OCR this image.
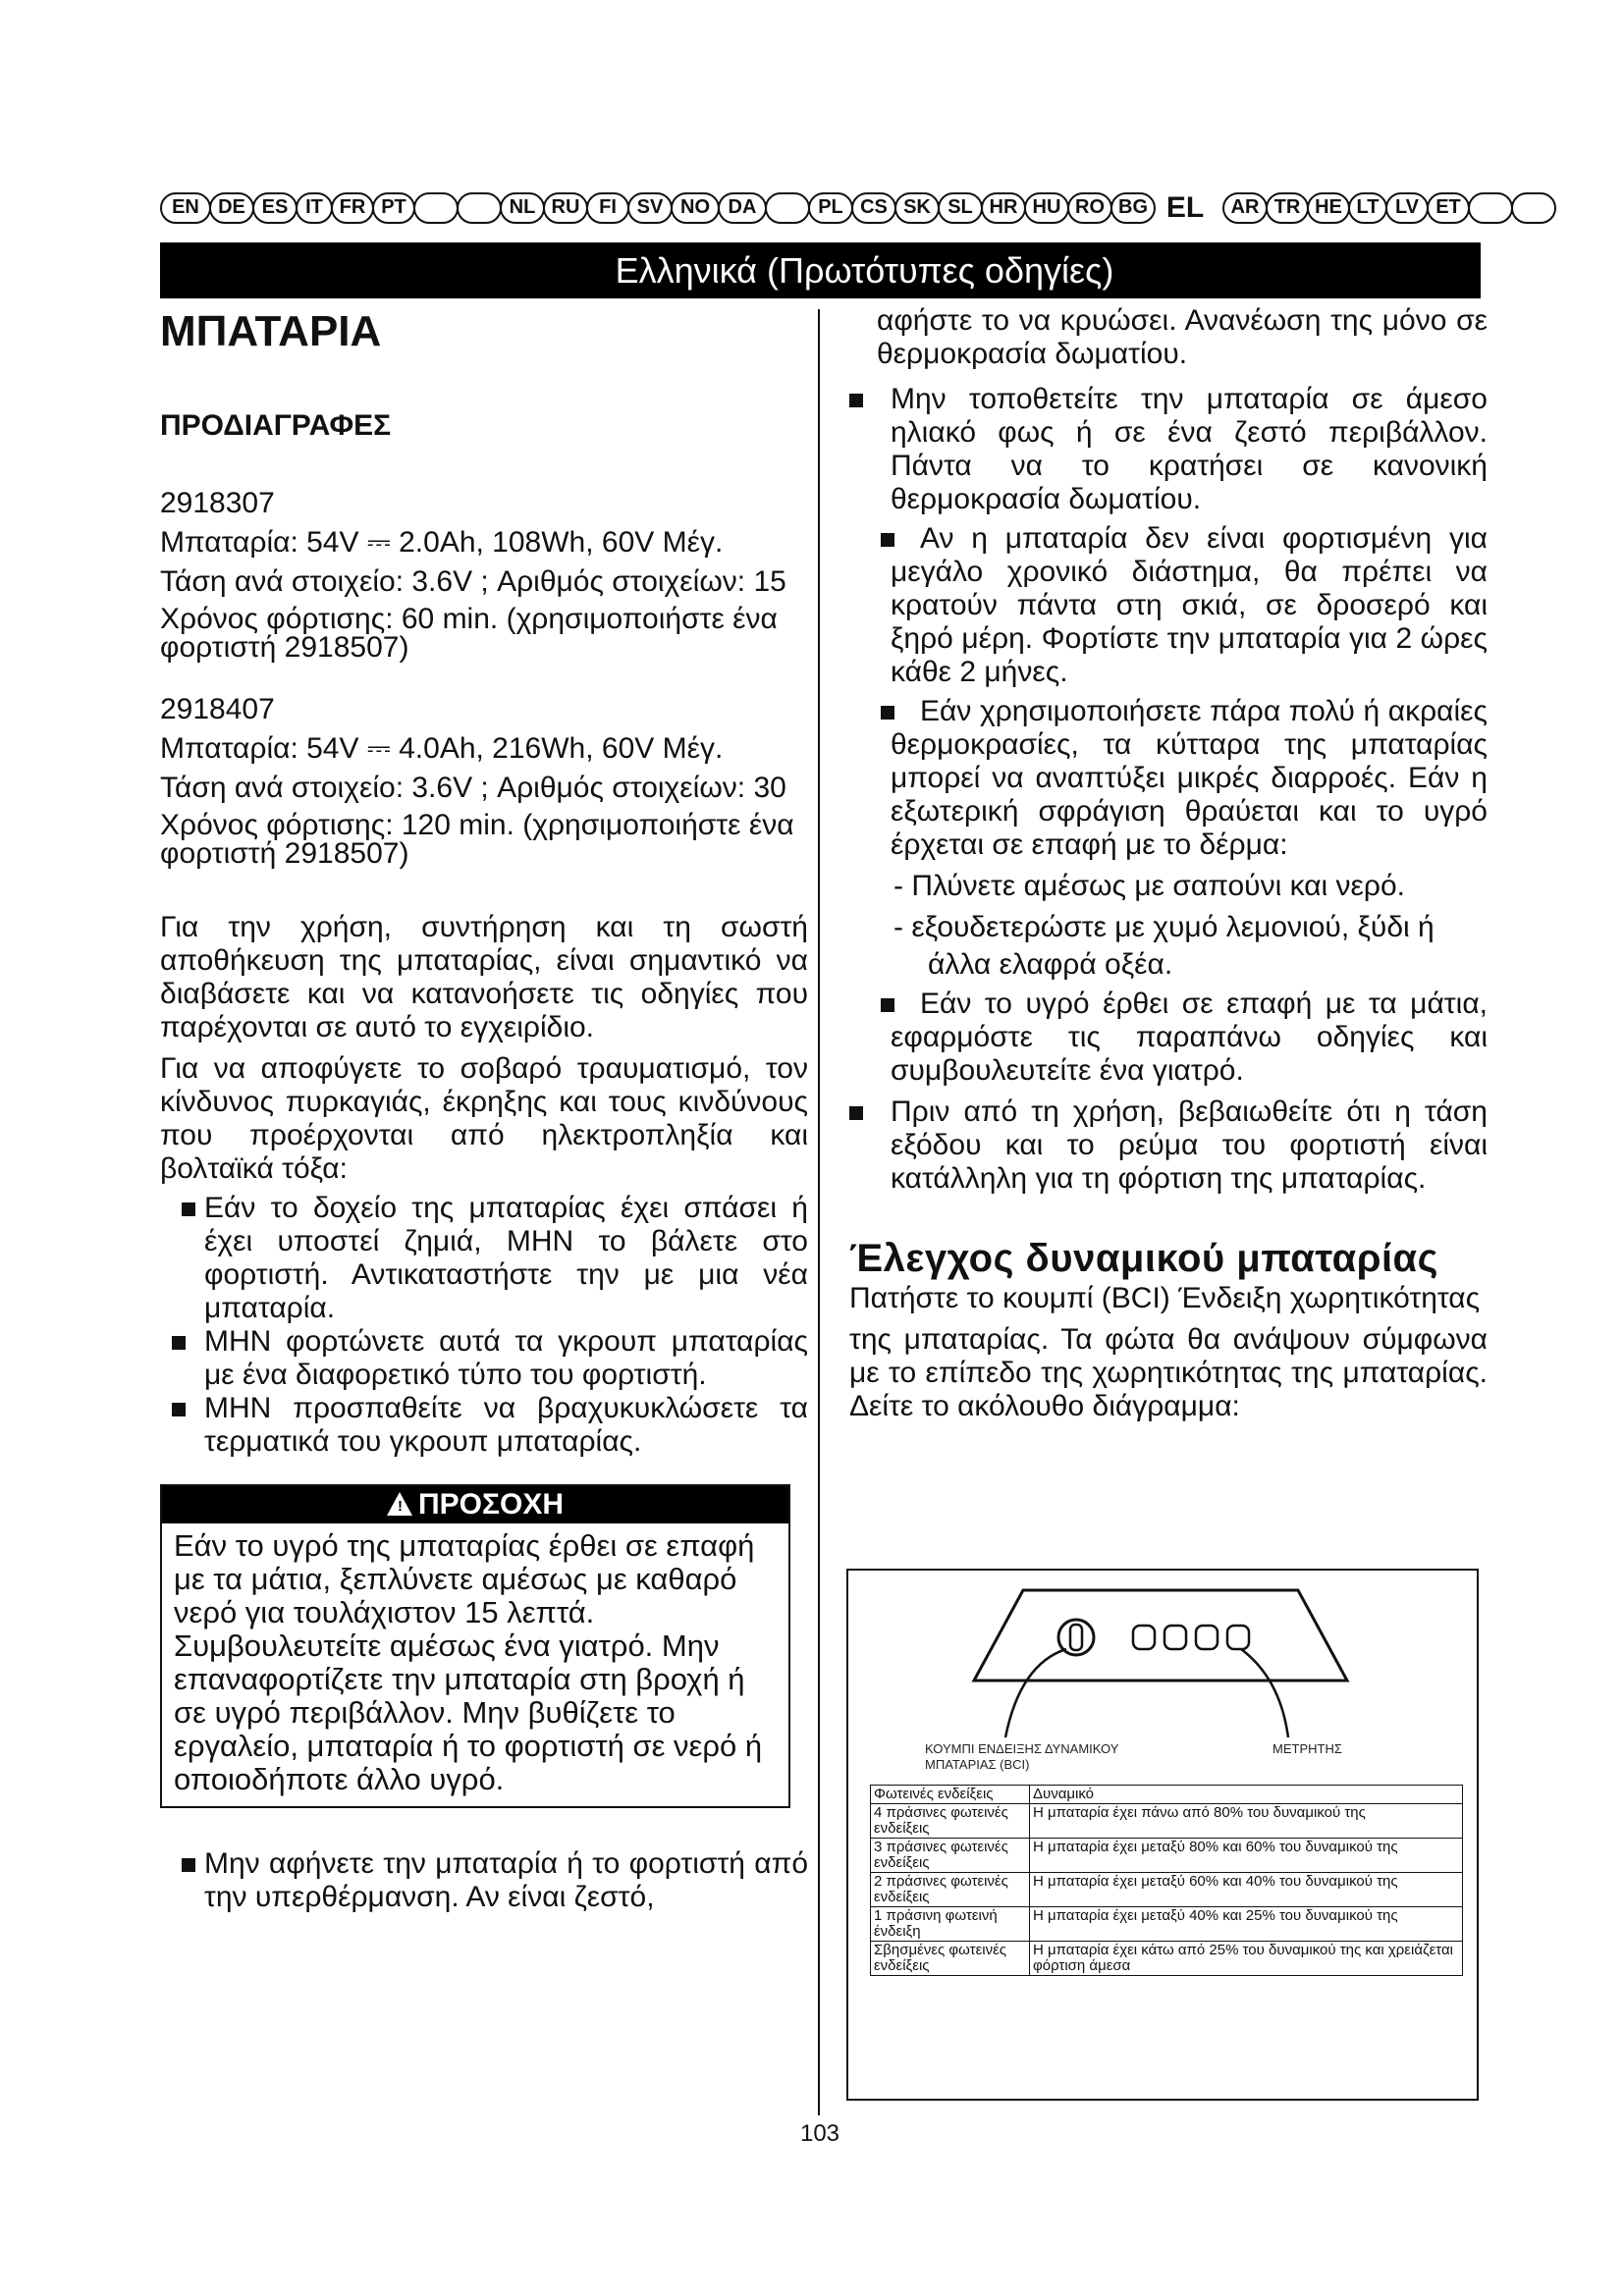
EN DE ES IT FR PT	NL RU FI	SV NO DA	PL CS SK SL HR HU RO BG EL	AR TR HE LT LV ET
Ελληνικά (Πρωτότυπες οδηγίες)
ΜΠΑΤΑΡΙΑ
ΠΡΟΔΙΑΓΡΑΦΕΣ

2918307

Μπαταρία: 54V ⎓ 2.0Ah, 108Wh, 60V Μέγ.

Τάση ανά στοιχείο: 3.6V ; Αριθμός στοιχείων: 15

Χρόνος φόρτισης: 60 min. (χρησιμοποιήστε ένα φορτιστή 2918507)

2918407

Μπαταρία: 54V ⎓ 4.0Ah, 216Wh, 60V Μέγ.

Τάση ανά στοιχείο: 3.6V ; Αριθμός στοιχείων: 30

Χρόνος φόρτισης: 120 min. (χρησιμοποιήστε ένα φορτιστή 2918507)

Για την χρήση, συντήρηση και τη σωστή αποθήκευση της μπαταρίας, είναι σημαντικό να διαβάσετε και να κατανοήσετε τις οδηγίες που παρέχονται σε αυτό το εγχειρίδιο.

Για να αποφύγετε το σοβαρό τραυματισμό, τον κίνδυνος πυρκαγιάς, έκρηξης και τους κινδύνους που προέρχονται από ηλεκτροπληξία και βολταϊκά τόξα:

Εάν το δοχείο της μπαταρίας έχει σπάσει ή έχει υποστεί ζημιά, ΜΗΝ το βάλετε στο φορτιστή. Αντικαταστήστε την με μια νέα μπαταρία.
ΜΗΝ φορτώνετε αυτά τα γκρουπ μπαταρίας με ένα διαφορετικό τύπο του φορτιστή.
ΜΗΝ προσπαθείτε να βραχυκυκλώσετε τα τερματικά του γκρουπ μπαταρίας.
! ΠΡΟΣΟΧΗ
Εάν το υγρό της μπαταρίας έρθει σε επαφή με τα μάτια, ξεπλύνετε αμέσως με καθαρό νερό για τουλάχιστον 15 λεπτά. Συμβουλευτείτε αμέσως ένα γιατρό. Μην επαναφορτίζετε την μπαταρία στη βροχή ή σε υγρό περιβάλλον. Μην βυθίζετε το εργαλείο, μπαταρία ή το φορτιστή σε νερό ή οποιοδήποτε άλλο υγρό.
Μην αφήνετε την μπαταρία ή το φορτιστή από την υπερθέρμανση. Αν είναι ζεστό,

αφήστε το να κρυώσει. Ανανέωση της μόνο σε θερμοκρασία δωματίου.

Μην τοποθετείτε την μπαταρία σε άμεσο ηλιακό φως ή σε ένα ζεστό περιβάλλον. Πάντα να το κρατήσει σε κανονική θερμοκρασία δωματίου.
Αν η μπαταρία δεν είναι φορτισμένη για μεγάλο χρονικό διάστημα, θα πρέπει να κρατούν πάντα στη σκιά, σε δροσερό και ξηρό μέρη. Φορτίστε την μπαταρία για 2 ώρες κάθε 2 μήνες.
Εάν χρησιμοποιήσετε πάρα πολύ ή ακραίες θερμοκρασίες, τα κύτταρα της μπαταρίας μπορεί να αναπτύξει μικρές διαρροές. Εάν η εξωτερική σφράγιση θραύεται και το υγρό έρχεται σε επαφή με το δέρμα:

- Πλύνετε αμέσως με σαπούνι και νερό.

- εξουδετερώστε με χυμό λεμονιού, ξύδι ή

άλλα ελαφρά οξέα.

Εάν το υγρό έρθει σε επαφή με τα μάτια, εφαρμόστε τις παραπάνω οδηγίες και συμβουλευτείτε ένα γιατρό.
Πριν από τη χρήση, βεβαιωθείτε ότι η τάση εξόδου και το ρεύμα του φορτιστή είναι κατάλληλη για τη φόρτιση της μπαταρίας.
Έλεγχος δυναμικού μπαταρίας

Πατήστε το κουμπί (BCI) Ένδειξη χωρητικότητας

της μπαταρίας. Τα φώτα θα ανάψουν σύμφωνα με το επίπεδο της χωρητικότητας της μπαταρίας. Δείτε το ακόλουθο διάγραμμα:

ΚΟΥΜΠΙ ΕΝΔΕΙΞΗΣ ΔΥΝΑΜΙΚΟΥ ΜΠΑΤΑΡΙΑΣ (BCI)
ΜΕΤΡΗΤΗΣ
Φωτεινές ενδείξεις	Δυναμικό
4 πράσινες φωτεινές ενδείξεις	Η μπαταρία έχει πάνω από 80% του δυναμικού της
3 πράσινες φωτεινές ενδείξεις	Η μπαταρία έχει μεταξύ 80% και 60% του δυναμικού της
2 πράσινες φωτεινές ενδείξεις	Η μπαταρία έχει μεταξύ 60% και 40% του δυναμικού της
1 πράσινη φωτεινή ένδειξη	Η μπαταρία έχει μεταξύ 40% και 25% του δυναμικού της
Σβησμένες φωτεινές ενδείξεις	Η μπαταρία έχει κάτω από 25% του δυναμικού της και χρειάζεται φόρτιση άμεσα
103
